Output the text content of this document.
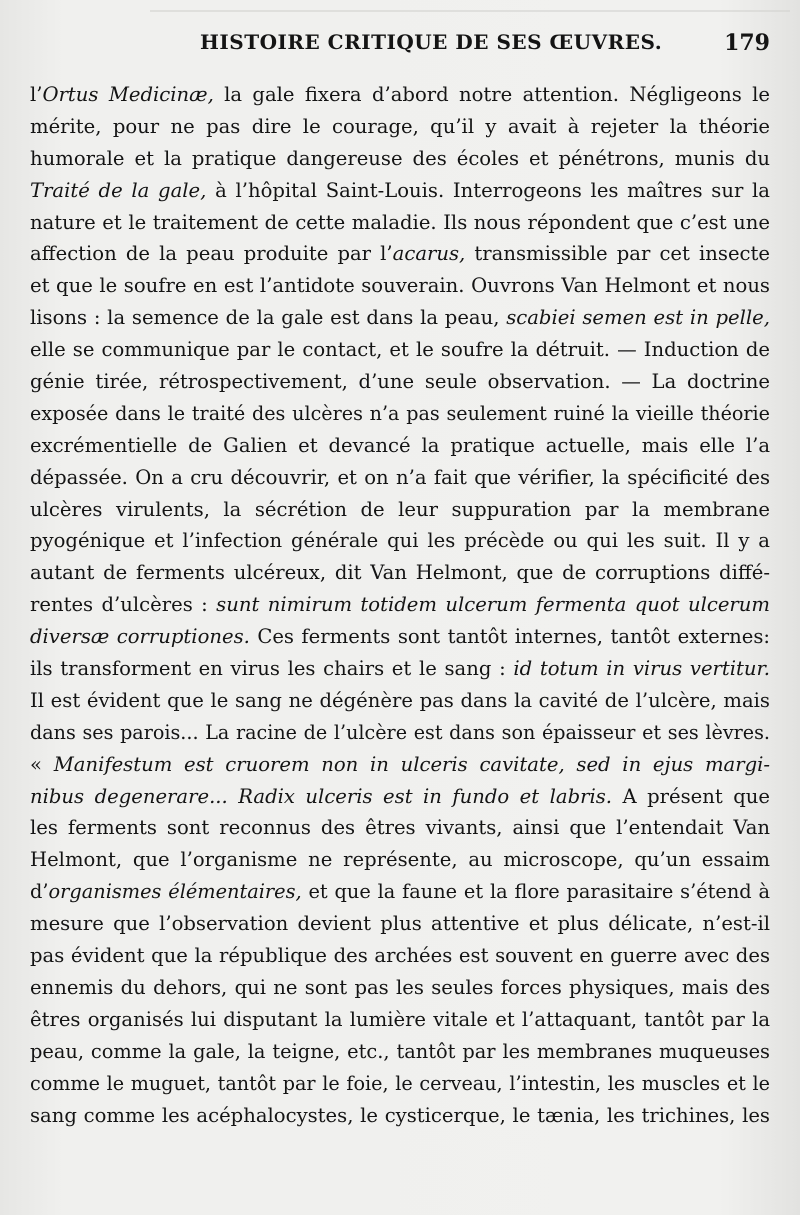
HISTOIRE CRITIQUE DE SES ŒUVRES.	179
l’Ortus Medicinæ, la gale fixera d’abord notre attention. Négligeons le
mérite, pour ne pas dire le courage, qu’il y avait à rejeter la théorie
humorale et la pratique dangereuse des écoles et pénétrons, munis du
Traité de la gale, à l’hôpital Saint-Louis. Interrogeons les maîtres sur la
nature et le traitement de cette maladie. Ils nous répondent que c’est une
affection de la peau produite par l’acarus, transmissible par cet insecte
et que le soufre en est l’antidote souverain. Ouvrons Van Helmont et nous
lisons : la semence de la gale est dans la peau, scabiei semen est in pelle,
elle se communique par le contact, et le soufre la détruit. — Induction de
génie tirée, rétrospectivement, d’une seule observation. — La doctrine
exposée dans le traité des ulcères n’a pas seulement ruiné la vieille théorie
excrémentielle de Galien et devancé la pratique actuelle, mais elle l’a
dépassée. On a cru découvrir, et on n’a fait que vérifier, la spécificité des
ulcères virulents, la sécrétion de leur suppuration par la membrane
pyogénique et l’infection générale qui les précède ou qui les suit. Il y a
autant de ferments ulcéreux, dit Van Helmont, que de corruptions diffé-
rentes d’ulcères : sunt nimirum totidem ulcerum fermenta quot ulcerum
diversæ corruptiones. Ces ferments sont tantôt internes, tantôt externes:
ils transforment en virus les chairs et le sang : id totum in virus vertitur.
Il est évident que le sang ne dégénère pas dans la cavité de l’ulcère, mais
dans ses parois... La racine de l’ulcère est dans son épaisseur et ses lèvres.
« Manifestum est cruorem non in ulceris cavitate, sed in ejus margi-
nibus degenerare... Radix ulceris est in fundo et labris. A présent que
les ferments sont reconnus des êtres vivants, ainsi que l’entendait Van
Helmont, que l’organisme ne représente, au microscope, qu’un essaim
d’organismes élémentaires, et que la faune et la flore parasitaire s’étend à
mesure que l’observation devient plus attentive et plus délicate, n’est-il
pas évident que la république des archées est souvent en guerre avec des
ennemis du dehors, qui ne sont pas les seules forces physiques, mais des
êtres organisés lui disputant la lumière vitale et l’attaquant, tantôt par la
peau, comme la gale, la teigne, etc., tantôt par les membranes muqueuses
comme le muguet, tantôt par le foie, le cerveau, l’intestin, les muscles et le
sang comme les acéphalocystes, le cysticerque, le tænia, les trichines, les
